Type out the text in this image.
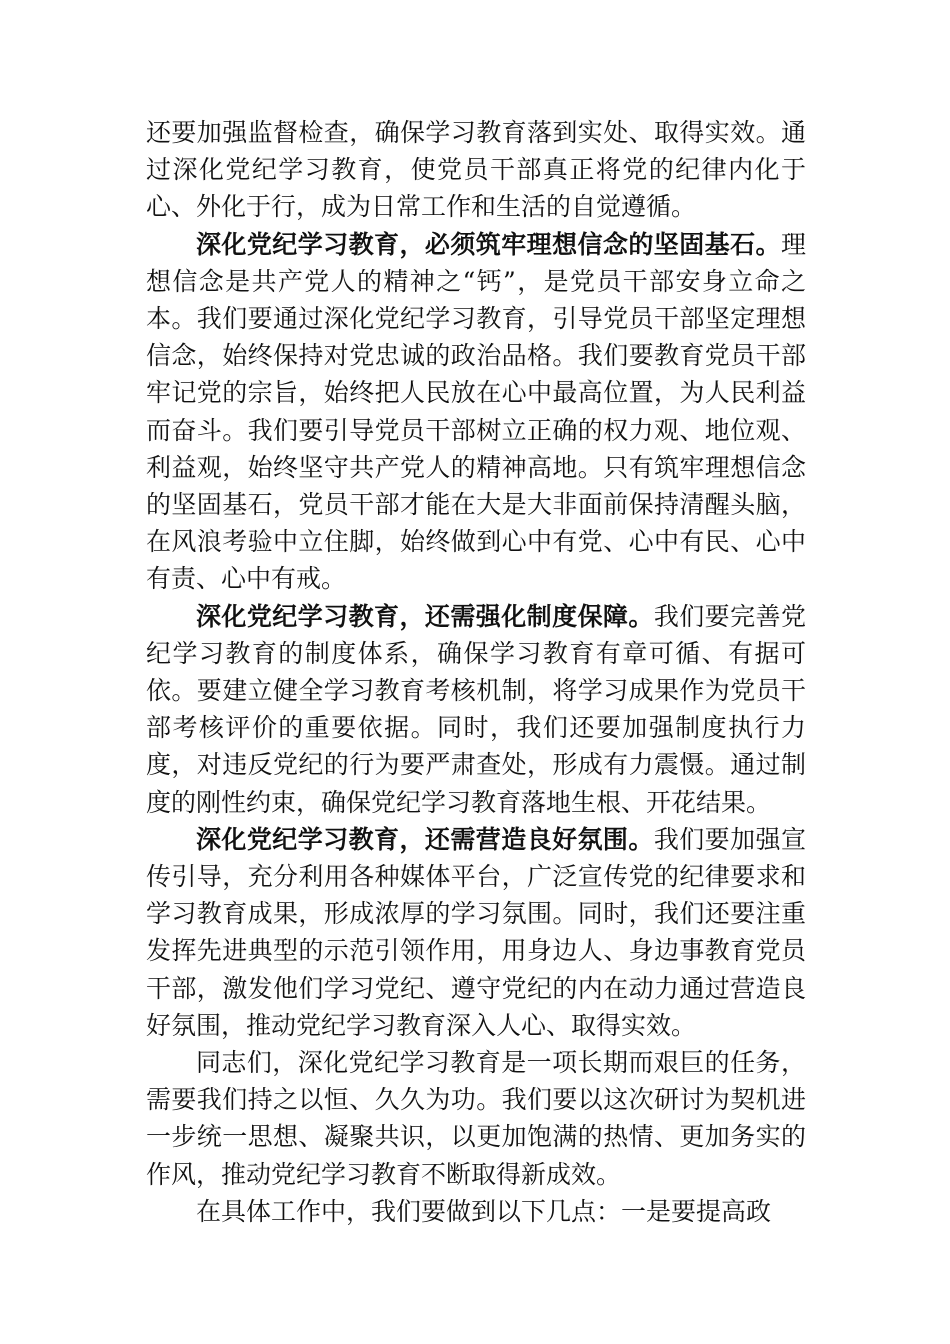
还要加强监督检查，确保学习教育落到实处、取得实效。通过深化党纪学习教育，使党员干部真正将党的纪律内化于心、外化于行，成为日常工作和生活的自觉遵循。

深化党纪学习教育，必须筑牢理想信念的坚固基石。理想信念是共产党人的精神之“钙”，是党员干部安身立命之本。我们要通过深化党纪学习教育，引导党员干部坚定理想信念，始终保持对党忠诚的政治品格。我们要教育党员干部牢记党的宗旨，始终把人民放在心中最高位置，为人民利益而奋斗。我们要引导党员干部树立正确的权力观、地位观、利益观，始终坚守共产党人的精神高地。只有筑牢理想信念的坚固基石，党员干部才能在大是大非面前保持清醒头脑，在风浪考验中立住脚，始终做到心中有党、心中有民、心中有责、心中有戒。

深化党纪学习教育，还需强化制度保障。我们要完善党纪学习教育的制度体系，确保学习教育有章可循、有据可依。要建立健全学习教育考核机制，将学习成果作为党员干部考核评价的重要依据。同时，我们还要加强制度执行力度，对违反党纪的行为要严肃查处，形成有力震慑。通过制度的刚性约束，确保党纪学习教育落地生根、开花结果。

深化党纪学习教育，还需营造良好氛围。我们要加强宣传引导，充分利用各种媒体平台，广泛宣传党的纪律要求和学习教育成果，形成浓厚的学习氛围。同时，我们还要注重发挥先进典型的示范引领作用，用身边人、身边事教育党员干部，激发他们学习党纪、遵守党纪的内在动力通过营造良好氛围，推动党纪学习教育深入人心、取得实效。

同志们，深化党纪学习教育是一项长期而艰巨的任务，需要我们持之以恒、久久为功。我们要以这次研讨为契机进一步统一思想、凝聚共识，以更加饱满的热情、更加务实的作风，推动党纪学习教育不断取得新成效。

在具体工作中，我们要做到以下几点：一是要提高政
